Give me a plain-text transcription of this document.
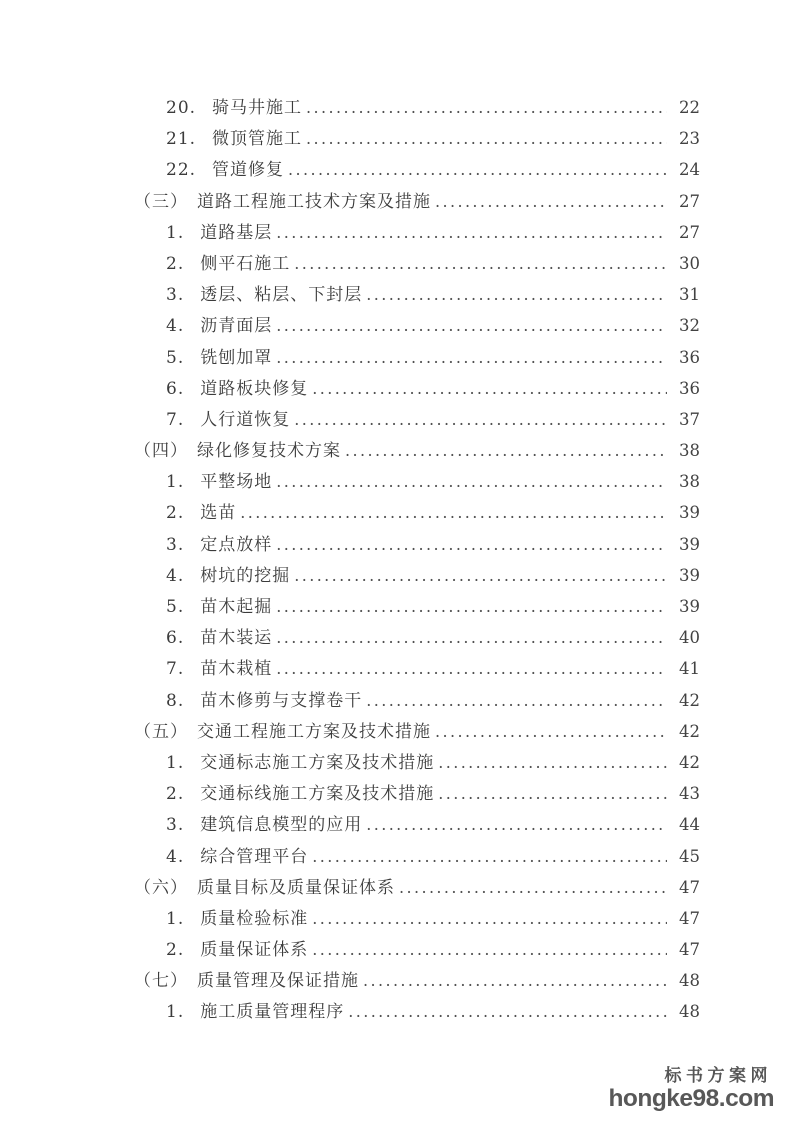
20. 骑马井施工 .....	22
21. 微顶管施工 .....	23
22. 管道修复 .....	24
（三） 道路工程施工技术方案及措施 .....	27
1. 道路基层 .....	27
2. 侧平石施工 .....	30
3. 透层、粘层、下封层 .....	31
4. 沥青面层 .....	32
5. 铣刨加罩 .....	36
6. 道路板块修复 .....	36
7. 人行道恢复 .....	37
（四） 绿化修复技术方案 .....	38
1. 平整场地 .....	38
2. 选苗 .....	39
3. 定点放样 .....	39
4. 树坑的挖掘 .....	39
5. 苗木起掘 .....	39
6. 苗木装运 .....	40
7. 苗木栽植 .....	41
8. 苗木修剪与支撑卷干 .....	42
（五） 交通工程施工方案及技术措施 .....	42
1. 交通标志施工方案及技术措施 .....	42
2. 交通标线施工方案及技术措施 .....	43
3. 建筑信息模型的应用 .....	44
4. 综合管理平台 .....	45
（六） 质量目标及质量保证体系 .....	47
1. 质量检验标准 .....	47
2. 质量保证体系 .....	47
（七） 质量管理及保证措施 .....	48
1. 施工质量管理程序 .....	48
标书方案网
hongke98.com
